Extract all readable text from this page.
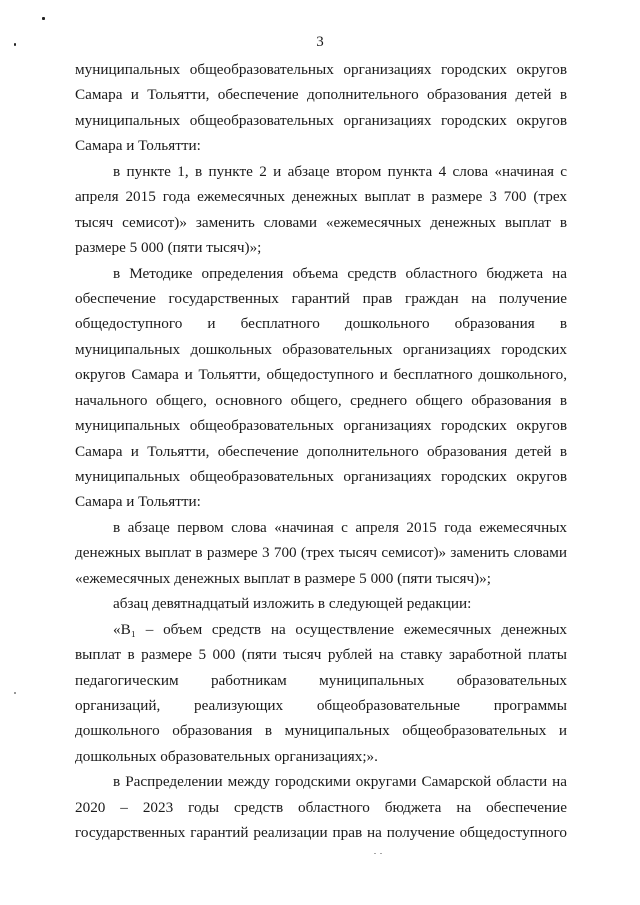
3
муниципальных общеобразовательных организациях городских округов
Самара и Тольятти, обеспечение дополнительного образования детей в
муниципальных общеобразовательных организациях городских округов
Самара и Тольятти:
в пункте 1, в пункте 2 и абзаце втором пункта 4 слова «начиная с
апреля 2015 года ежемесячных денежных выплат в размере 3 700 (трех
тысяч семисот)» заменить словами «ежемесячных денежных выплат в
размере 5 000 (пяти тысяч)»;
в Методике определения объема средств областного бюджета на
обеспечение государственных гарантий прав граждан на получение
общедоступного и бесплатного дошкольного образования в
муниципальных дошкольных образовательных организациях городских
округов Самара и Тольятти, общедоступного и бесплатного дошкольного,
начального общего, основного общего, среднего общего образования в
муниципальных общеобразовательных организациях городских округов
Самара и Тольятти, обеспечение дополнительного образования детей в
муниципальных общеобразовательных организациях городских округов
Самара и Тольятти:
в абзаце первом слова «начиная с апреля 2015 года ежемесячных
денежных выплат в размере 3 700 (трех тысяч семисот)» заменить словами
«ежемесячных денежных выплат в размере 5 000 (пяти тысяч)»;
абзац девятнадцатый изложить в следующей редакции:
«B₁ – объем средств на осуществление ежемесячных денежных
выплат в размере 5 000 (пяти тысяч рублей на ставку заработной платы
педагогическим работникам муниципальных образовательных
организаций, реализующих общеобразовательные программы
дошкольного образования в муниципальных общеобразовательных и
дошкольных образовательных организациях;».
в Распределении между городскими округами Самарской области на
2020 – 2023 годы средств областного бюджета на обеспечение
государственных гарантий реализации прав на получение общедоступного
